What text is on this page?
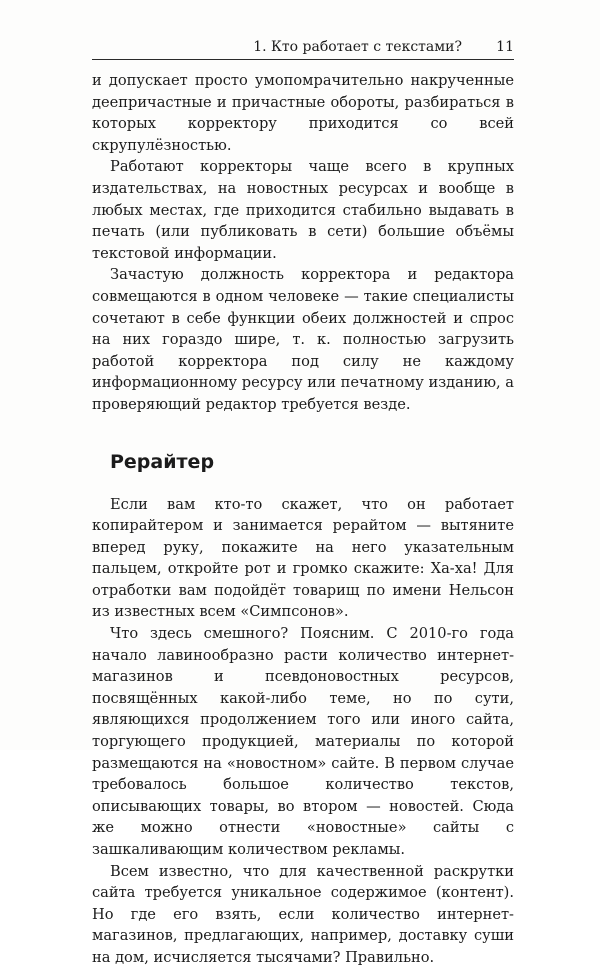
1. Кто работает с текстами? 11

и допускает просто умопомрачительно накрученные деепричастные и причастные обороты, разбираться в которых корректору приходится со всей скрупулёзностью.

Работают корректоры чаще всего в крупных издательствах, на новостных ресурсах и вообще в любых местах, где приходится стабильно выдавать в печать (или публиковать в сети) большие объёмы текстовой информации.

Зачастую должность корректора и редактора совмещаются в одном человеке — такие специалисты сочетают в себе функции обеих должностей и спрос на них гораздо шире, т. к. полностью загрузить работой корректора под силу не каждому информационному ресурсу или печатному изданию, а проверяющий редактор требуется везде.

Рерайтер

Если вам кто-то скажет, что он работает копирайтером и занимается рерайтом — вытяните вперед руку, покажите на него указательным пальцем, откройте рот и громко скажите: Ха-ха! Для отработки вам подойдёт товарищ по имени Нельсон из известных всем «Симпсонов».

Что здесь смешного? Поясним. С 2010-го года начало лавинообразно расти количество интернет-магазинов и псевдоновостных ресурсов, посвящённых какой-либо теме, но по сути, являющихся продолжением того или иного сайта, торгующего продукцией, материалы по которой размещаются на «новостном» сайте. В первом случае требовалось большое количество текстов, описывающих товары, во втором — новостей. Сюда же можно отнести «новостные» сайты с зашкаливающим количеством рекламы.

Всем известно, что для качественной раскрутки сайта требуется уникальное содержимое (контент). Но где его взять, если количество интернет-магазинов, предлагающих, например, доставку суши на дом, исчисляется тысячами? Правильно.
